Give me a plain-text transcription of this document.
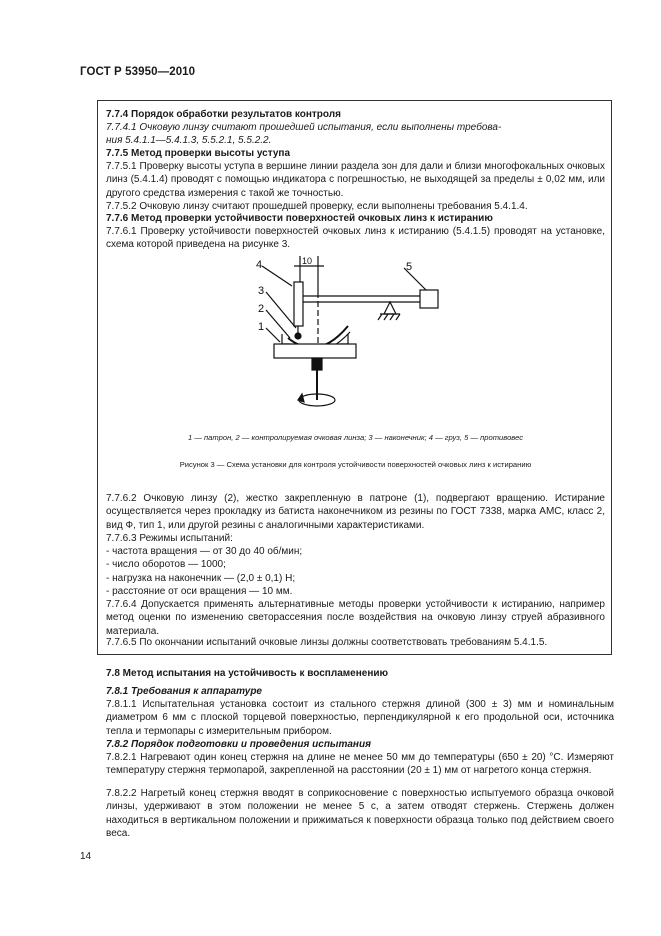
ГОСТ Р 53950—2010

7.7.4 Порядок обработки результатов контроля

7.7.4.1 Очковую линзу считают прошедшей испытания, если выполнены требова-

ния 5.4.1.1—5.4.1.3, 5.5.2.1, 5.5.2.2.

7.7.5 Метод проверки высоты уступа

7.7.5.1 Проверку высоты уступа в вершине линии раздела зон для дали и близи многофокальных очковых линз (5.4.1.4) проводят с помощью индикатора с погрешностью, не выходящей за пределы ± 0,02 мм, или другого средства измерения с такой же точностью.

7.7.5.2 Очковую линзу считают прошедшей проверку, если выполнены требования 5.4.1.4.

7.7.6 Метод проверки устойчивости поверхностей очковых линз к истиранию

7.7.6.1 Проверку устойчивости поверхностей очковых линз к истиранию (5.4.1.5) проводят на установке, схема которой приведена на рисунке 3.

10
4
3
2
1
5

1 — патрон, 2 — контролируемая очковая линза; 3 — наконечник; 4 — груз, 5 — противовес

Рисунок 3 — Схема установки для контроля устойчивости поверхностей очковых линз к истиранию

7.7.6.2 Очковую линзу (2), жестко закрепленную в патроне (1), подвергают вращению. Истирание осуществляется через прокладку из батиста наконечником из резины по ГОСТ 7338, марка АМС, класс 2, вид Ф, тип 1, или другой резины с аналогичными характеристиками.

7.7.6.3 Режимы испытаний:

- частота вращения — от 30 до 40 об/мин;
- число оборотов — 1000;
- нагрузка на наконечник — (2,0 ± 0,1) Н;
- расстояние от оси вращения — 10 мм.

7.7.6.4 Допускается применять альтернативные методы проверки устойчивости к истиранию, например метод оценки по изменению светорассеяния после воздействия на очковую линзу струей абразивного материала.

7.7.6.5 По окончании испытаний очковые линзы должны соответствовать требованиям 5.4.1.5.

7.8 Метод испытания на устойчивость к воспламенению

7.8.1 Требования к аппаратуре

7.8.1.1 Испытательная установка состоит из стального стержня длиной (300 ± 3) мм и номинальным диаметром 6 мм с плоской торцевой поверхностью, перпендикулярной к его продольной оси, источника тепла и термопары с измерительным прибором.

7.8.2 Порядок подготовки и проведения испытания

7.8.2.1 Нагревают один конец стержня на длине не менее 50 мм до температуры (650 ± 20) °С. Измеряют температуру стержня термопарой, закрепленной на расстоянии (20 ± 1) мм от нагретого конца стержня.

7.8.2.2 Нагретый конец стержня вводят в соприкосновение с поверхностью испытуемого образца очковой линзы, удерживают в этом положении не менее 5 с, а затем отводят стержень. Стержень должен находиться в вертикальном положении и прижиматься к поверхности образца только под действием своего веса.

14
